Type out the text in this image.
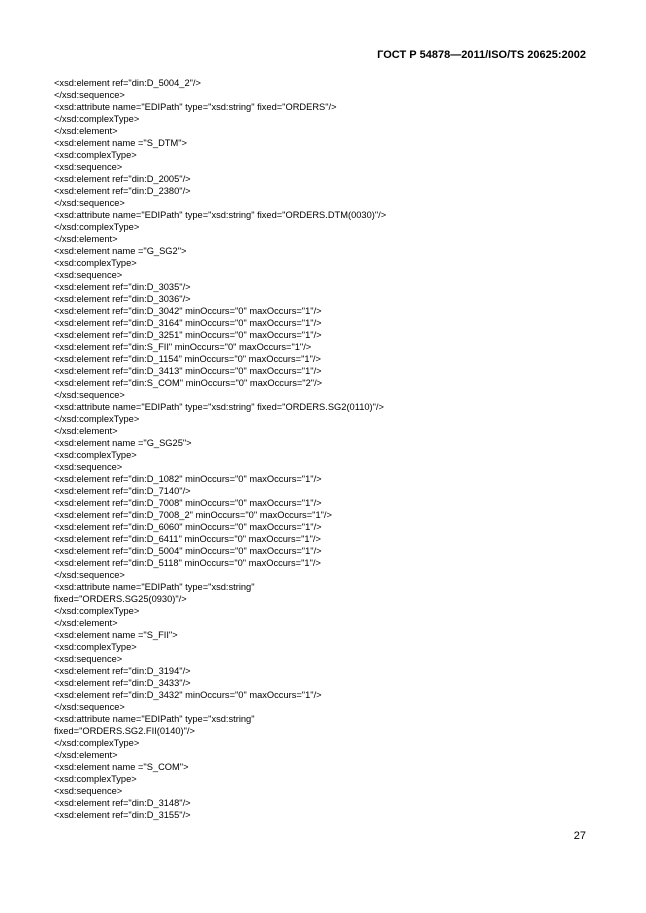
ГОСТ Р 54878—2011/ISO/TS 20625:2002
<xsd:element ref="din:D_5004_2"/>
</xsd:sequence>
<xsd:attribute name="EDIPath" type="xsd:string" fixed="ORDERS"/>
</xsd:complexType>
</xsd:element>
<xsd:element name ="S_DTM">
<xsd:complexType>
<xsd:sequence>
<xsd:element ref="din:D_2005"/>
<xsd:element ref="din:D_2380"/>
</xsd:sequence>
<xsd:attribute name="EDIPath" type="xsd:string" fixed="ORDERS.DTM(0030)"/>
</xsd:complexType>
</xsd:element>
<xsd:element name ="G_SG2">
<xsd:complexType>
<xsd:sequence>
<xsd:element ref="din:D_3035"/>
<xsd:element ref="din:D_3036"/>
<xsd:element ref="din:D_3042" minOccurs="0" maxOccurs="1"/>
<xsd:element ref="din:D_3164" minOccurs="0" maxOccurs="1"/>
<xsd:element ref="din:D_3251" minOccurs="0" maxOccurs="1"/>
<xsd:element ref="din:S_FII" minOccurs="0" maxOccurs="1"/>
<xsd:element ref="din:D_1154" minOccurs="0" maxOccurs="1"/>
<xsd:element ref="din:D_3413" minOccurs="0" maxOccurs="1"/>
<xsd:element ref="din:S_COM" minOccurs="0" maxOccurs="2"/>
</xsd:sequence>
<xsd:attribute name="EDIPath" type="xsd:string" fixed="ORDERS.SG2(0110)"/>
</xsd:complexType>
</xsd:element>
<xsd:element name ="G_SG25">
<xsd:complexType>
<xsd:sequence>
<xsd:element ref="din:D_1082" minOccurs="0" maxOccurs="1"/>
<xsd:element ref="din:D_7140"/>
<xsd:element ref="din:D_7008" minOccurs="0" maxOccurs="1"/>
<xsd:element ref="din:D_7008_2" minOccurs="0" maxOccurs="1"/>
<xsd:element ref="din:D_6060" minOccurs="0" maxOccurs="1"/>
<xsd:element ref="din:D_6411" minOccurs="0" maxOccurs="1"/>
<xsd:element ref="din:D_5004" minOccurs="0" maxOccurs="1"/>
<xsd:element ref="din:D_5118" minOccurs="0" maxOccurs="1"/>
</xsd:sequence>
<xsd:attribute name="EDIPath" type="xsd:string"
fixed="ORDERS.SG25(0930)"/>
</xsd:complexType>
</xsd:element>
<xsd:element name ="S_FII">
<xsd:complexType>
<xsd:sequence>
<xsd:element ref="din:D_3194"/>
<xsd:element ref="din:D_3433"/>
<xsd:element ref="din:D_3432" minOccurs="0" maxOccurs="1"/>
</xsd:sequence>
<xsd:attribute name="EDIPath" type="xsd:string"
fixed="ORDERS.SG2.FII(0140)"/>
</xsd:complexType>
</xsd:element>
<xsd:element name ="S_COM">
<xsd:complexType>
<xsd:sequence>
<xsd:element ref="din:D_3148"/>
<xsd:element ref="din:D_3155"/>
27
